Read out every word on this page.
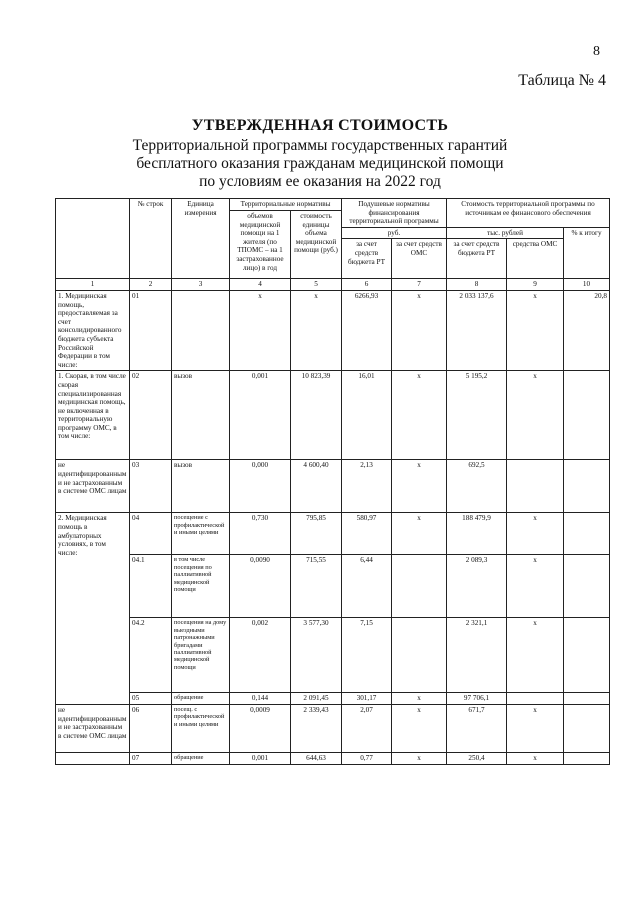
8
Таблица № 4
УТВЕРЖДЕННАЯ СТОИМОСТЬ
Территориальной программы государственных гарантий
бесплатного оказания гражданам медицинской помощи
по условиям ее оказания на 2022 год
	№ строк	Единица измерения	Территориальные нормативы		Подушевые нормативы финансирования территориальной программы		Стоимость территориальной программы по источникам ее финансового обеспечения		
			объемов медицинской помощи на 1 жителя (по ТПОМС – на 1 застрахованное лицо) в год	стоимость единицы объема медицинской помощи (руб.)					
					руб.		тыс. рублей		% к итогу
					за счет средств бюджета РТ	за счет средств ОМС	за счет средств бюджета РТ	средства ОМС	
1	2	3	4	5	6	7	8	9	10
1. Медицинская помощь, предоставляемая за счет консолидированного бюджета субъекта Российской Федерации в том числе:	01		х	х	6266,93	х	2 033 137,6	х	20,8
1. Скорая, в том числе скорая специализированная медицинская помощь, не включенная в территориальную программу ОМС, в том числе:	02	вызов	0,001	10 823,39	16,01	х	5 195,2	х	
не идентифицированным и не застрахованным в системе ОМС лицам	03	вызов	0,000	4 600,40	2,13	х	692,5		
2. Медицинская помощь в амбулаторных условиях, в том числе:	04	посещение с профилактической и иными целями	0,730	795,85	580,97	х	188 479,9	х	
	04.1	в том числе посещения по паллиативной медицинской помощи	0,0090	715,55	6,44		2 089,3	х	
	04.2	посещения на дому выездными патронажными бригадами паллиативной медицинской помощи	0,002	3 577,30	7,15		2 321,1	х	
	05	обращение	0,144	2 091,45	301,17	х	97 706,1		
не идентифицированным и не застрахованным в системе ОМС лицам	06	посещ. с профилактической и иными целями	0,0009	2 339,43	2,07	х	671,7	х	
	07	обращение	0,001	644,63	0,77	х	250,4	х	
